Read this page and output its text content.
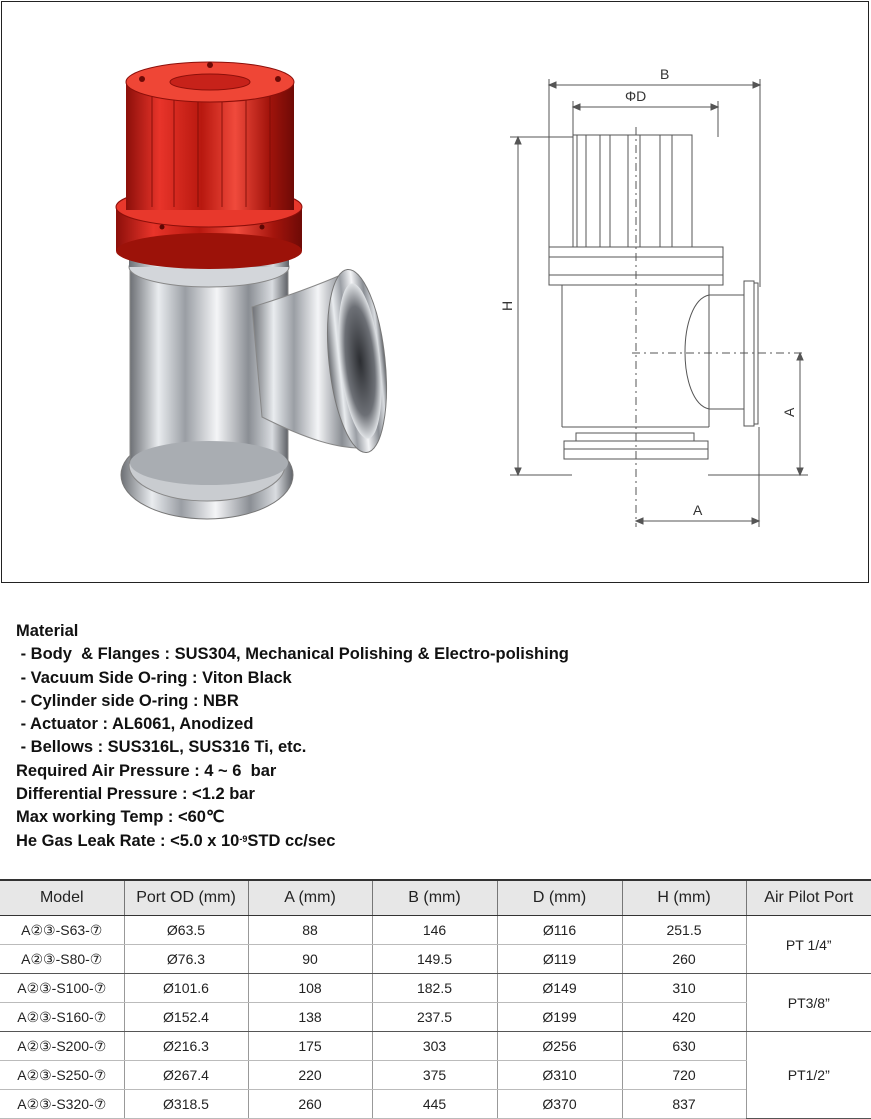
B
ΦD
H
A
A
Material
- Body  & Flanges : SUS304, Mechanical Polishing & Electro-polishing
- Vacuum Side O-ring : Viton Black
- Cylinder side O-ring : NBR
- Actuator : AL6061, Anodized
- Bellows : SUS316L, SUS316 Ti, etc.
Required Air Pressure : 4 ~ 6  bar
Differential Pressure : <1.2 bar
Max working Temp : <60℃
He Gas Leak Rate : <5.0 x $10^{-9}STD$ cc/sec
Model	Port OD (mm)	A (mm)	B (mm)	D (mm)	H (mm)	Air Pilot Port
A②③-S63-⑦	Ø63.5	88	146	Ø116	251.5	PT 1/4”
A②③-S80-⑦	Ø76.3	90	149.5	Ø119	260	
A②③-S100-⑦	Ø101.6	108	182.5	Ø149	310	PT3/8”
A②③-S160-⑦	Ø152.4	138	237.5	Ø199	420	
A②③-S200-⑦	Ø216.3	175	303	Ø256	630	PT1/2”
A②③-S250-⑦	Ø267.4	220	375	Ø310	720	
A②③-S320-⑦	Ø318.5	260	445	Ø370	837	
